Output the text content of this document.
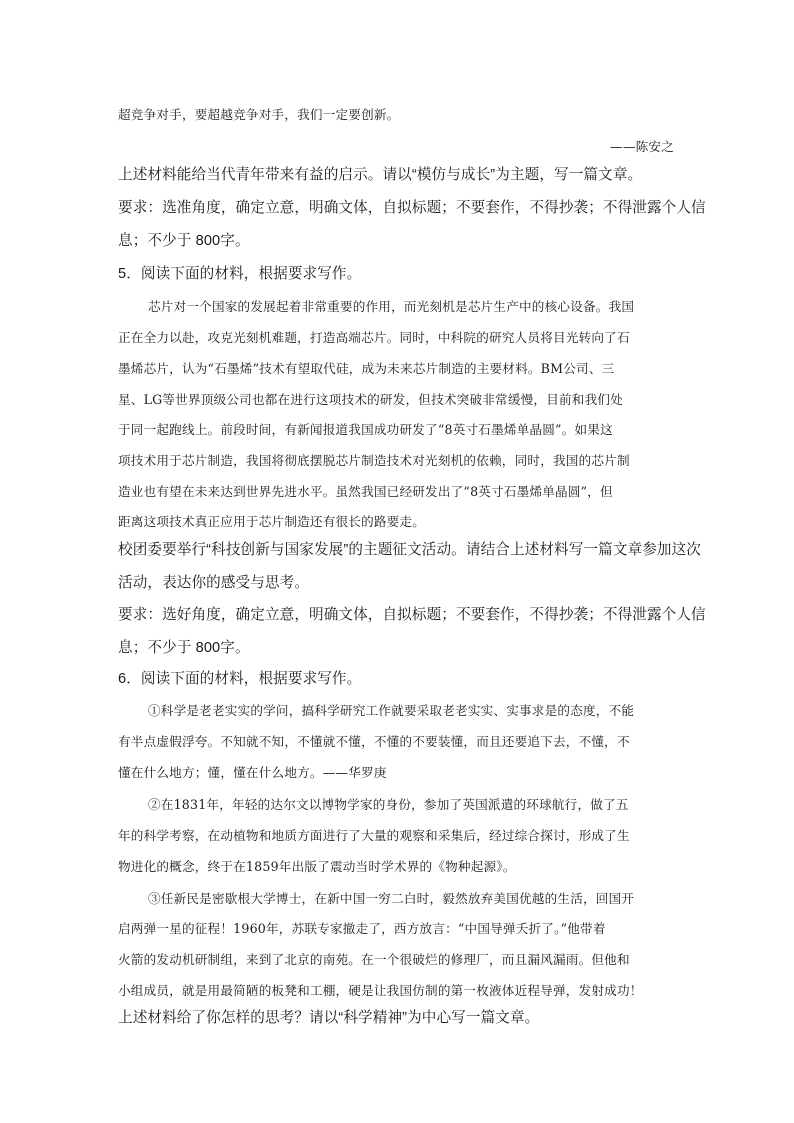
超竞争对手，要超越竞争对手，我们一定要创新。
——陈安之
上述材料能给当代青年带来有益的启示。请以“模仿与成长”为主题，写一篇文章。
要求：选准角度，确定立意，明确文体，自拟标题；不要套作，不得抄袭；不得泄露个人信
息；不少于 800字。
5．阅读下面的材料，根据要求写作。
芯片对一个国家的发展起着非常重要的作用，而光刻机是芯片生产中的核心设备。我国
正在全力以赴，攻克光刻机难题，打造高端芯片。同时，中科院的研究人员将目光转向了石
墨烯芯片，认为“石墨烯”技术有望取代硅，成为未来芯片制造的主要材料。BM公司、三
星、LG等世界顶级公司也都在进行这项技术的研发，但技术突破非常缓慢，目前和我们处
于同一起跑线上。前段时间，有新闻报道我国成功研发了“8英寸石墨烯单晶圆”。如果这
项技术用于芯片制造，我国将彻底摆脱芯片制造技术对光刻机的依赖，同时，我国的芯片制
造业也有望在未来达到世界先进水平。虽然我国已经研发出了“8英寸石墨烯单晶圆”，但
距离这项技术真正应用于芯片制造还有很长的路要走。
校团委要举行“科技创新与国家发展”的主题征文活动。请结合上述材料写一篇文章参加这次
活动，表达你的感受与思考。
要求：选好角度，确定立意，明确文体，自拟标题；不要套作，不得抄袭；不得泄露个人信
息；不少于 800字。
6．阅读下面的材料，根据要求写作。
①科学是老老实实的学问，搞科学研究工作就要采取老老实实、实事求是的态度，不能
有半点虚假浮夸。不知就不知，不懂就不懂，不懂的不要装懂，而且还要追下去，不懂，不
懂在什么地方；懂，懂在什么地方。——华罗庚
②在1831年，年轻的达尔文以博物学家的身份，参加了英国派遣的环球航行，做了五
年的科学考察，在动植物和地质方面进行了大量的观察和采集后，经过综合探讨，形成了生
物进化的概念，终于在1859年出版了震动当时学术界的《物种起源》。
③任新民是密歇根大学博士，在新中国一穷二白时，毅然放弃美国优越的生活，回国开
启两弹一星的征程！1960年，苏联专家撤走了，西方放言：“中国导弹夭折了。”他带着
火箭的发动机研制组，来到了北京的南苑。在一个很破烂的修理厂，而且漏风漏雨。但他和
小组成员，就是用最简陋的板凳和工棚，硬是让我国仿制的第一枚液体近程导弹，发射成功！
上述材料给了你怎样的思考？请以“科学精神”为中心写一篇文章。
